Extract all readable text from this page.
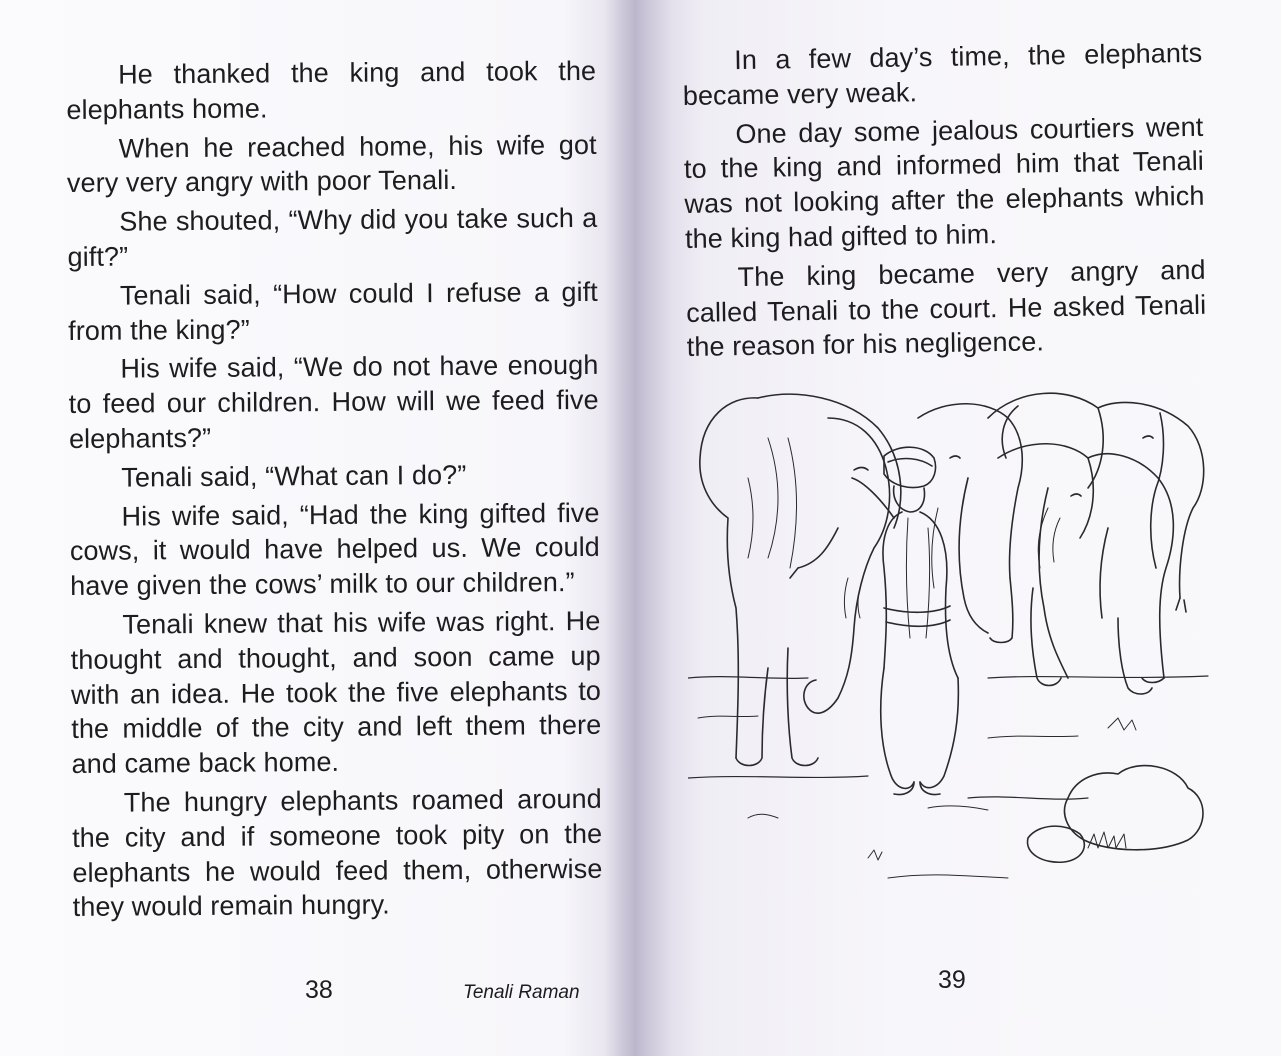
He thanked the king and took the elephants home.

When he reached home, his wife got very very angry with poor Tenali.

She shouted, “Why did you take such a gift?”

Tenali said, “How could I refuse a gift from the king?”

His wife said, “We do not have enough to feed our children. How will we feed five elephants?”

Tenali said, “What can I do?”

His wife said, “Had the king gifted five cows, it would have helped us. We could have given the cows’ milk to our children.”

Tenali knew that his wife was right. He thought and thought, and soon came up with an idea. He took the five elephants to the middle of the city and left them there and came back home.

The hungry elephants roamed around the city and if someone took pity on the elephants he would feed them, otherwise they would remain hungry.

38	Tenali Raman

In a few day’s time, the elephants became very weak.

One day some jealous courtiers went to the king and informed him that Tenali was not looking after the elephants which the king had gifted to him.

The king became very angry and called Tenali to the court. He asked Tenali the reason for his negligence.

39
